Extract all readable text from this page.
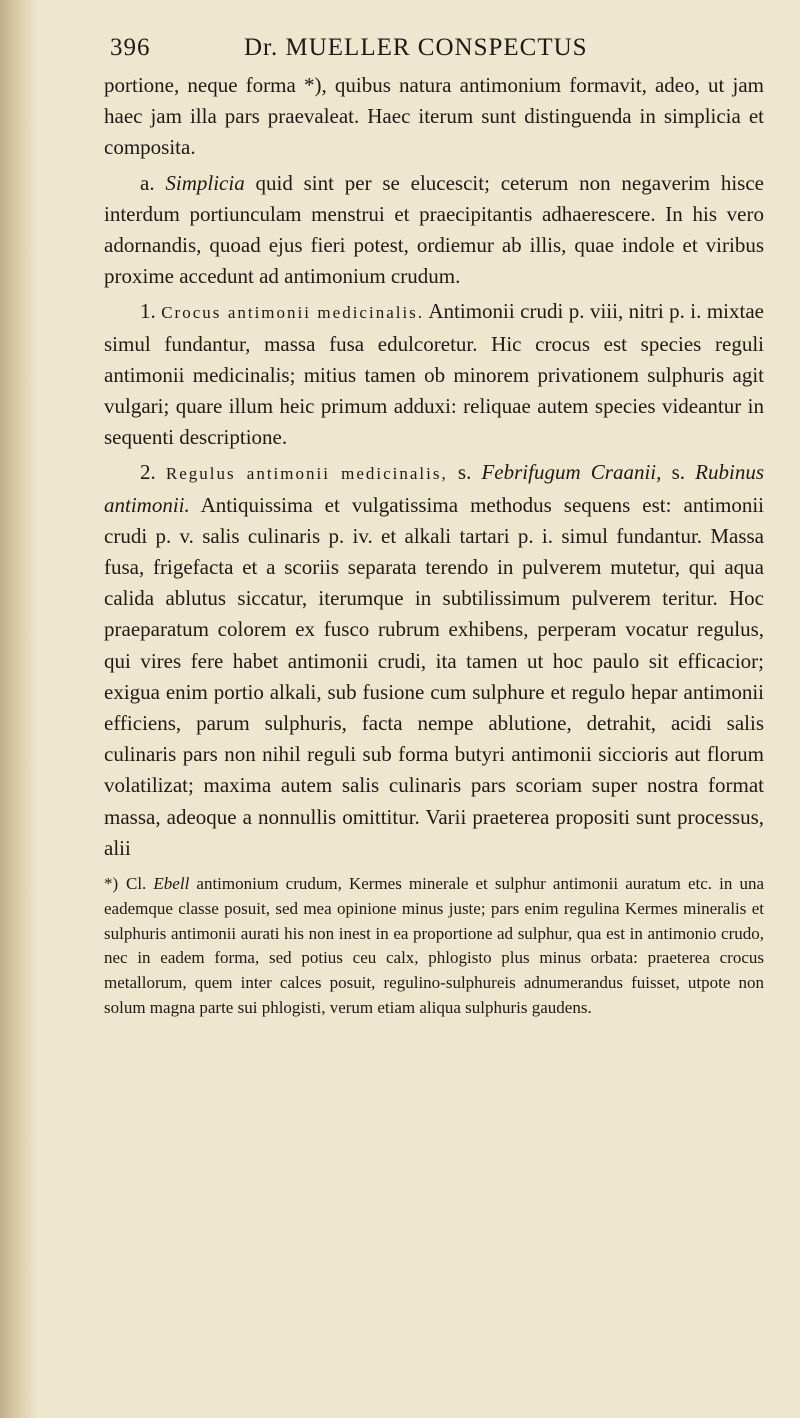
396	Dr. MUELLER CONSPECTUS

portione, neque forma *), quibus natura antimonium formavit, adeo, ut jam haec jam illa pars praevaleat. Haec iterum sunt distinguenda in simplicia et composita.

a. Simplicia quid sint per se elucescit; ceterum non negaverim hisce interdum portiunculam menstrui et praecipitantis adhaerescere. In his vero adornandis, quoad ejus fieri potest, ordiemur ab illis, quae indole et viribus proxime accedunt ad antimonium crudum.

1. Crocus antimonii medicinalis. Antimonii crudi p. viii, nitri p. i. mixtae simul fundantur, massa fusa edulcoretur. Hic crocus est species reguli antimonii medicinalis; mitius tamen ob minorem privationem sulphuris agit vulgari; quare illum heic primum adduxi: reliquae autem species videantur in sequenti descriptione.

2. Regulus antimonii medicinalis, s. Febrifugum Craanii, s. Rubinus antimonii. Antiquissima et vulgatissima methodus sequens est: antimonii crudi p. v. salis culinaris p. iv. et alkali tartari p. i. simul fundantur. Massa fusa, frigefacta et a scoriis separata terendo in pulverem mutetur, qui aqua calida ablutus siccatur, iterumque in subtilissimum pulverem teritur. Hoc praeparatum colorem ex fusco rubrum exhibens, perperam vocatur regulus, qui vires fere habet antimonii crudi, ita tamen ut hoc paulo sit efficacior; exigua enim portio alkali, sub fusione cum sulphure et regulo hepar antimonii efficiens, parum sulphuris, facta nempe ablutione, detrahit, acidi salis culinaris pars non nihil reguli sub forma butyri antimonii siccioris aut florum volatilizat; maxima autem salis culinaris pars scoriam super nostra format massa, adeoque a nonnullis omittitur. Varii praeterea propositi sunt processus, alii

*) Cl. Ebell antimonium crudum, Kermes minerale et sulphur antimonii auratum etc. in una eademque classe posuit, sed mea opinione minus juste; pars enim regulina Kermes mineralis et sulphuris antimonii aurati his non inest in ea proportione ad sulphur, qua est in antimonio crudo, nec in eadem forma, sed potius ceu calx, phlogisto plus minus orbata: praeterea crocus metallorum, quem inter calces posuit, regulino-sulphureis adnumerandus fuisset, utpote non solum magna parte sui phlogisti, verum etiam aliqua sulphuris gaudens.
